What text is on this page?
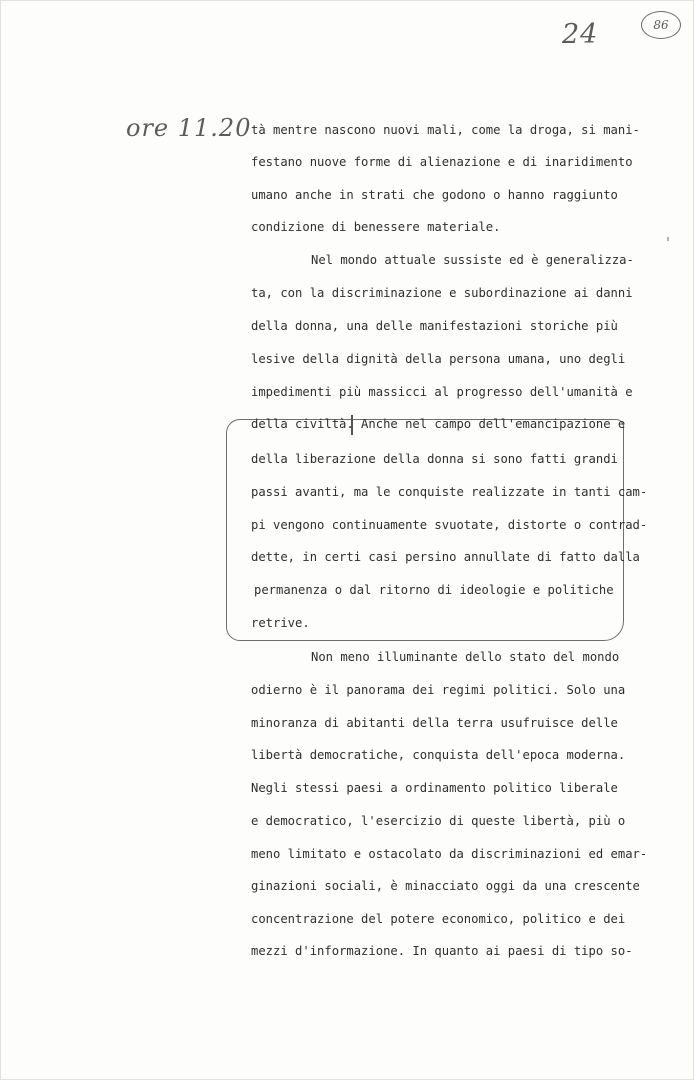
24	86
ore 11.20 tà mentre nascono nuovi mali, come la droga, si mani-
festano nuove forme di alienazione e di inaridimento
umano anche in strati che godono o hanno raggiunto
condizione di benessere materiale.
Nel mondo attuale sussiste ed è generalizza-
ta, con la discriminazione e subordinazione ai danni
della donna, una delle manifestazioni storiche più
lesive della dignità della persona umana, uno degli
impedimenti più massicci al progresso dell'umanità e
della civiltà. Anche nel campo dell'emancipazione e
della liberazione della donna si sono fatti grandi
passi avanti, ma le conquiste realizzate in tanti cam-
pi vengono continuamente svuotate, distorte o contrad-
dette, in certi casi persino annullate di fatto dalla
permanenza o dal ritorno di ideologie e politiche
retrive.
Non meno illuminante dello stato del mondo
odierno è il panorama dei regimi politici. Solo una
minoranza di abitanti della terra usufruisce delle
libertà democratiche, conquista dell'epoca moderna.
Negli stessi paesi a ordinamento politico liberale
e democratico, l'esercizio di queste libertà, più o
meno limitato e ostacolato da discriminazioni ed emar-
ginazioni sociali, è minacciato oggi da una crescente
concentrazione del potere economico, politico e dei
mezzi d'informazione. In quanto ai paesi di tipo so-
